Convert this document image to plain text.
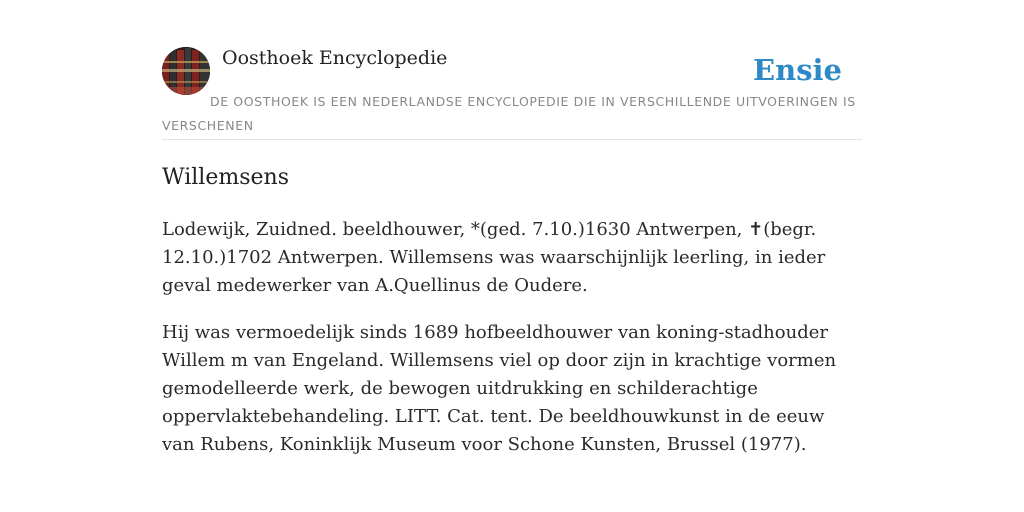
Oosthoek Encyclopedie	Ensie
DE OOSTHOEK IS EEN NEDERLANDSE ENCYCLOPEDIE DIE IN VERSCHILLENDE UITVOERINGEN IS VERSCHENEN
Willemsens

Lodewijk, Zuidned. beeldhouwer, *(ged. 7.10.)1630 Antwerpen, ✝(begr. 12.10.)1702 Antwerpen. Willemsens was waarschijnlijk leerling, in ieder geval medewerker van A.Quellinus de Oudere.

Hij was vermoedelijk sinds 1689 hofbeeldhouwer van koning-stadhouder Willem m van Engeland. Willemsens viel op door zijn in krachtige vormen gemodelleerde werk, de bewogen uitdrukking en schilderachtige oppervlaktebehandeling. LITT. Cat. tent. De beeldhouwkunst in de eeuw van Rubens, Koninklijk Museum voor Schone Kunsten, Brussel (1977).
